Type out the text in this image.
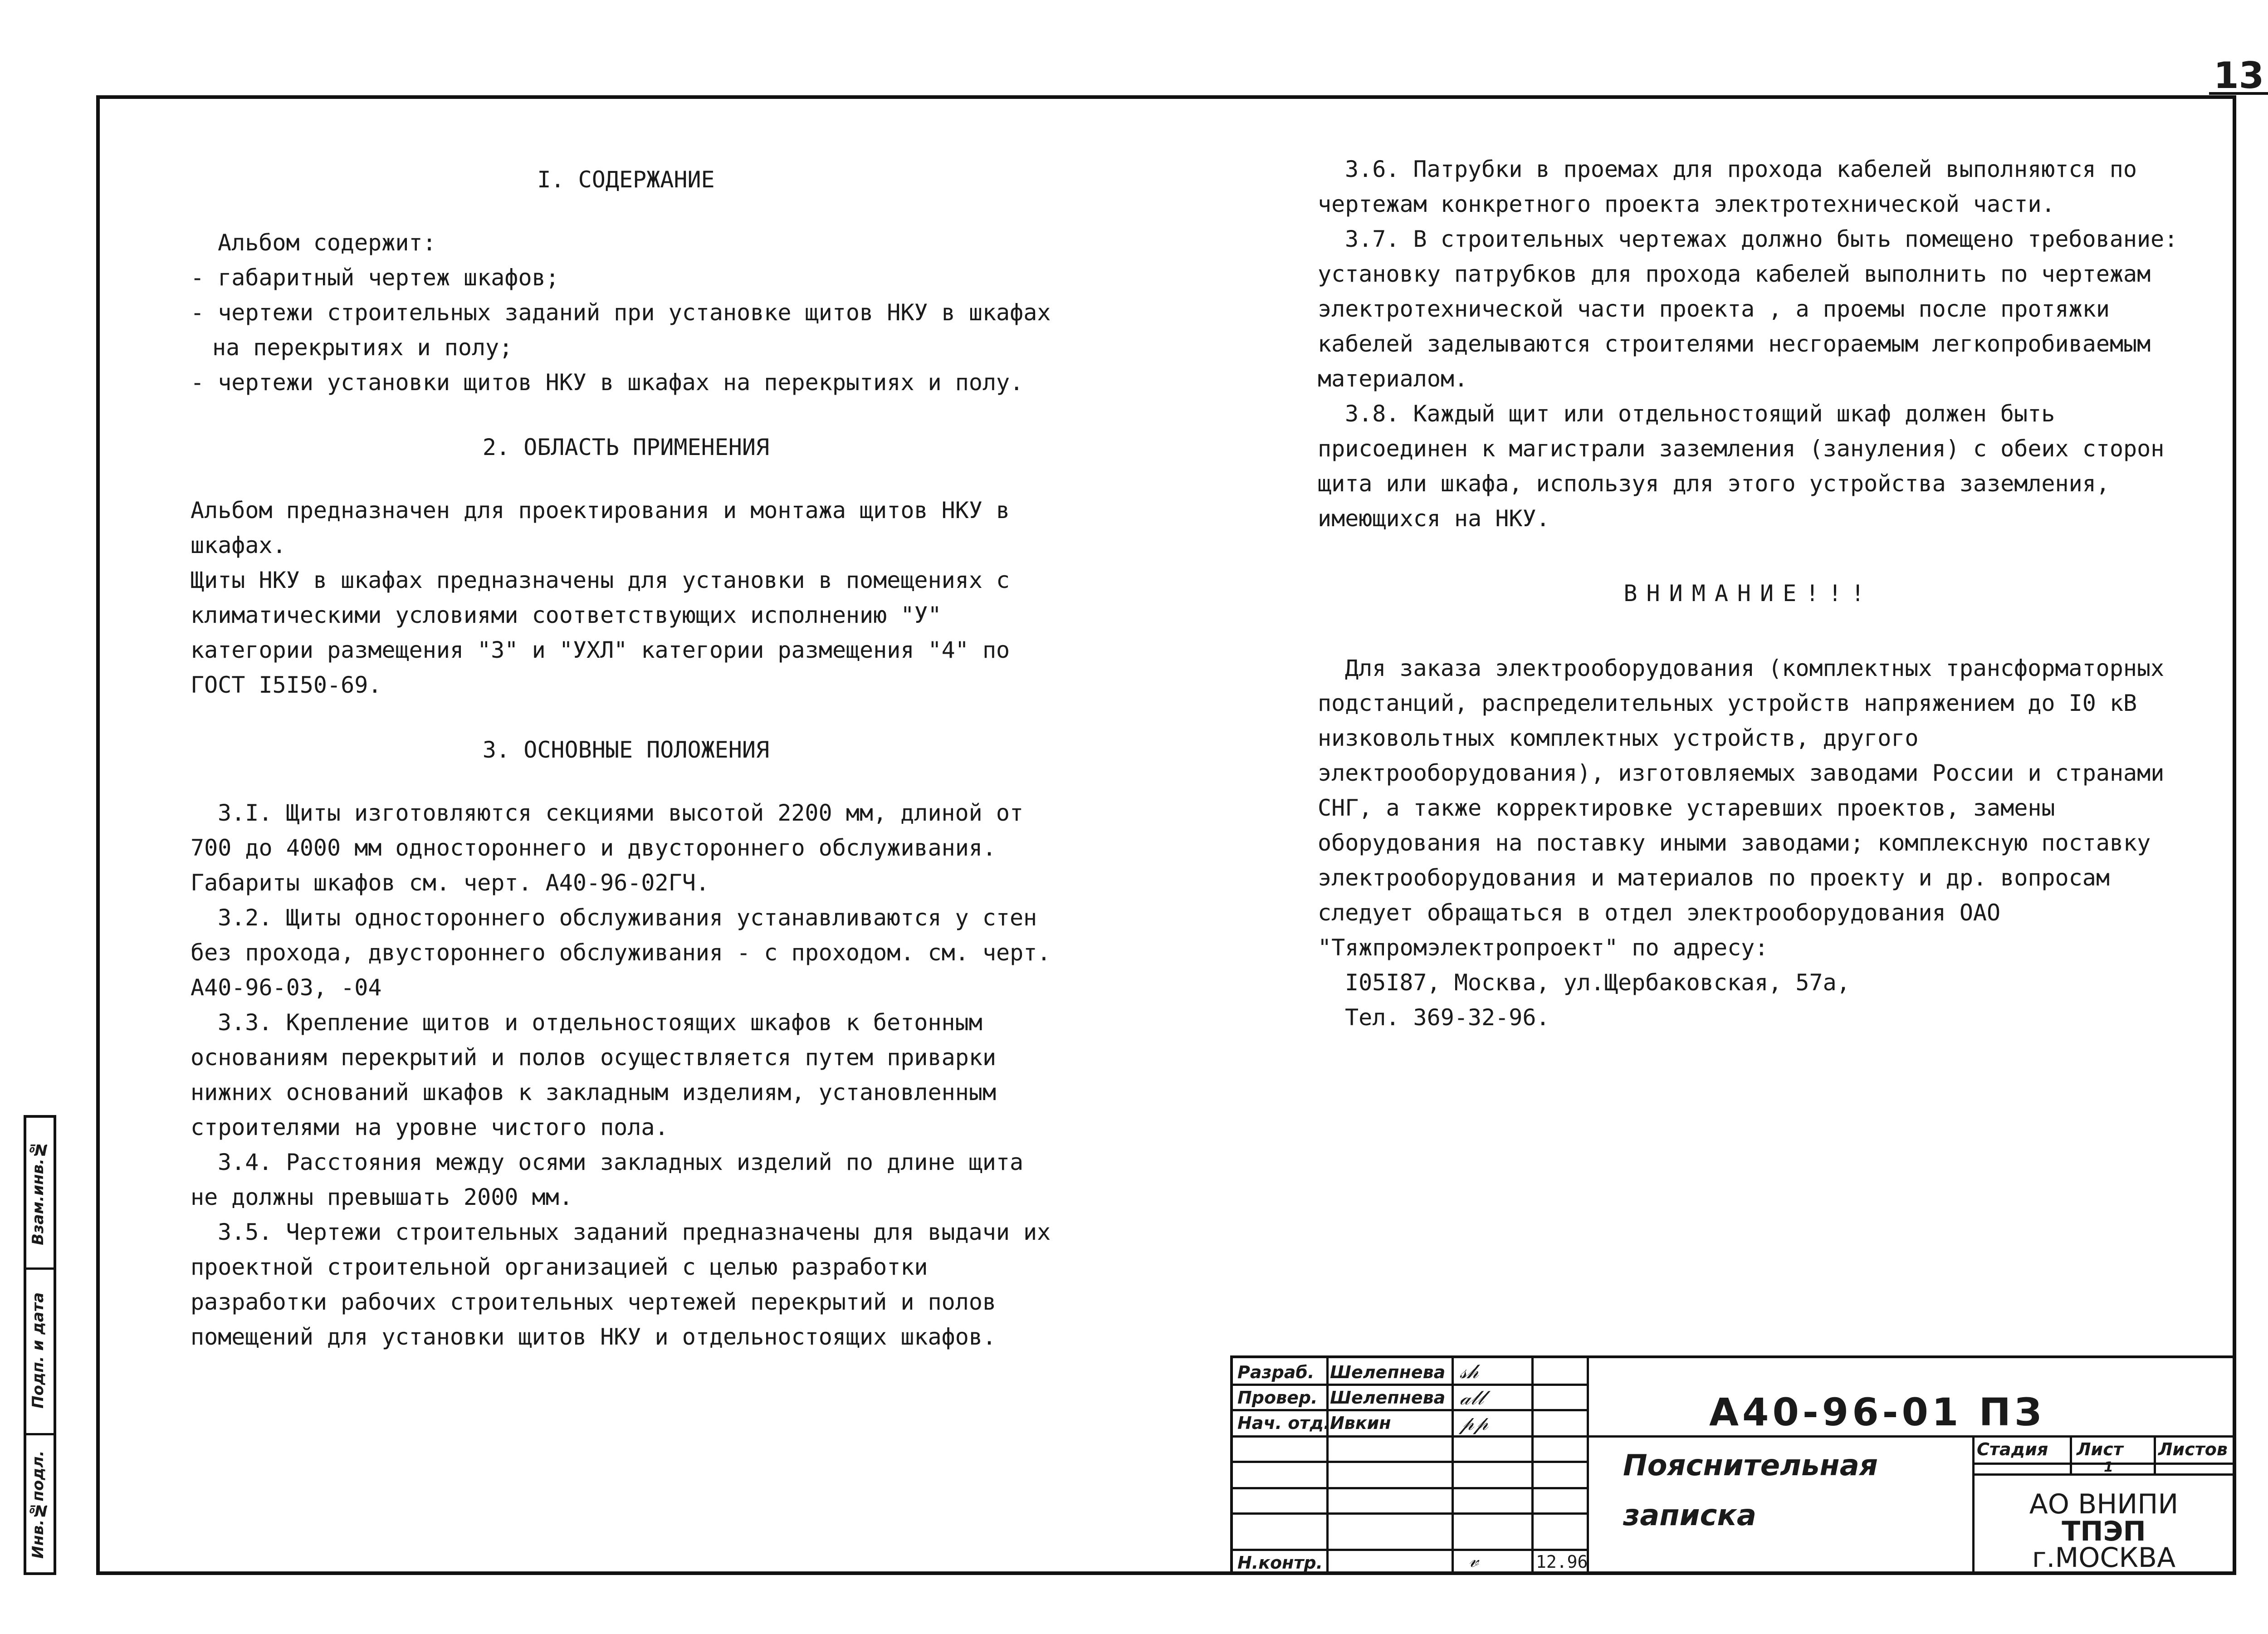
13
I. СОДЕРЖАНИЕ

Альбом содержит:

- габаритный чертеж шкафов;

- чертежи строительных заданий при установке щитов НКУ в шкафах на перекрытиях и полу;

- чертежи установки щитов НКУ в шкафах на перекрытиях и полу.

2. ОБЛАСТЬ ПРИМЕНЕНИЯ

Альбом предназначен для проектирования и монтажа щитов НКУ в шкафах.

Щиты НКУ в шкафах предназначены для установки в помещениях с климатическими условиями соответствующих исполнению "У" категории размещения "3" и "УХЛ" категории размещения "4" по ГОСТ I5I50-69.

3. ОСНОВНЫЕ ПОЛОЖЕНИЯ

3.I. Щиты изготовляются секциями высотой 2200 мм, длиной от 700 до 4000 мм одностороннего и двустороннего обслуживания.

Габариты шкафов см. черт. А40-96-02ГЧ.

3.2. Щиты одностороннего обслуживания устанавливаются у стен без прохода, двустороннего обслуживания - с проходом. см. черт. А40-96-03, -04

3.3. Крепление щитов и отдельностоящих шкафов к бетонным основаниям перекрытий и полов осуществляется путем приварки нижних оснований шкафов к закладным изделиям, установленным строителями на уровне чистого пола.

3.4. Расстояния между осями закладных изделий по длине щита не должны превышать 2000 мм.

3.5. Чертежи строительных заданий предназначены для выдачи их проектной строительной организацией с целью разработки разработки рабочих строительных чертежей перекрытий и полов помещений для установки щитов НКУ и отдельностоящих шкафов.

3.6. Патрубки в проемах для прохода кабелей выполняются по чертежам конкретного проекта электротехнической части.

3.7. В строительных чертежах должно быть помещено требование: установку патрубков для прохода кабелей выполнить по чертежам электротехнической части проекта , а проемы после протяжки кабелей заделываются строителями несгораемым легкопробиваемым материалом.

3.8. Каждый щит или отдельностоящий шкаф должен быть присоединен к магистрали заземления (зануления) с обеих сторон щита или шкафа, используя для этого устройства заземления, имеющихся на НКУ.

ВНИМАНИЕ!!!

Для заказа электрооборудования (комплектных трансформаторных подстанций, распределительных устройств напряжением до I0 кВ низковольтных комплектных устройств, другого электрооборудования), изготовляемых заводами России и странами СНГ, а также корректировке устаревших проектов, замены оборудования на поставку иными заводами; комплексную поставку электрооборудования и материалов по проекту и др. вопросам следует обращаться в отдел электрооборудования ОАО "Тяжпромэлектропроект" по адресу:

I05I87, Москва, ул.Щербаковская, 57а,

Тел. 369-32-96.

Разраб. Шелепнева
Провер. Шелепнева
Нач. отд. Ивкин
Н.контр.	12.96
𝓈𝒽
𝒶𝓁𝓁
𝓅𝓅
𝓋
А40-96-01 ПЗ
Пояснительная
записка
Стадия Лист Листов
1
АО ВНИПИ
ТПЭП
г.МОСКВА
Взам.инв.№
Подп. и дата
Инв.№подл.
